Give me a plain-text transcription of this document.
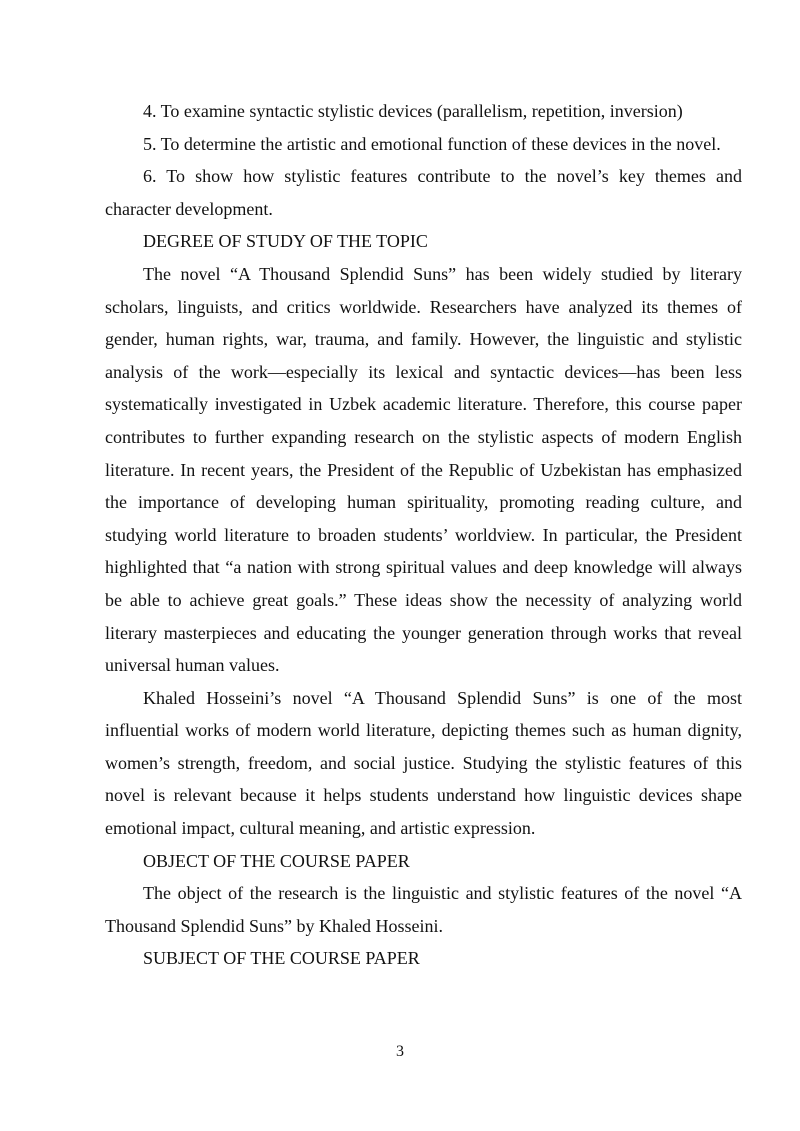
4. To examine syntactic stylistic devices (parallelism, repetition, inversion)

5. To determine the artistic and emotional function of these devices in the novel.

6. To show how stylistic features contribute to the novel’s key themes and character development.

DEGREE OF STUDY OF THE TOPIC

The novel “A Thousand Splendid Suns” has been widely studied by literary scholars, linguists, and critics worldwide. Researchers have analyzed its themes of gender, human rights, war, trauma, and family. However, the linguistic and stylistic analysis of the work—especially its lexical and syntactic devices—has been less systematically investigated in Uzbek academic literature. Therefore, this course paper contributes to further expanding research on the stylistic aspects of modern English literature. In recent years, the President of the Republic of Uzbekistan has emphasized the importance of developing human spirituality, promoting reading culture, and studying world literature to broaden students’ worldview. In particular, the President highlighted that “a nation with strong spiritual values and deep knowledge will always be able to achieve great goals.” These ideas show the necessity of analyzing world literary masterpieces and educating the younger generation through works that reveal universal human values.

Khaled Hosseini’s novel “A Thousand Splendid Suns” is one of the most influential works of modern world literature, depicting themes such as human dignity, women’s strength, freedom, and social justice. Studying the stylistic features of this novel is relevant because it helps students understand how linguistic devices shape emotional impact, cultural meaning, and artistic expression.

OBJECT OF THE COURSE PAPER

The object of the research is the linguistic and stylistic features of the novel “A Thousand Splendid Suns” by Khaled Hosseini.

SUBJECT OF THE COURSE PAPER

3
